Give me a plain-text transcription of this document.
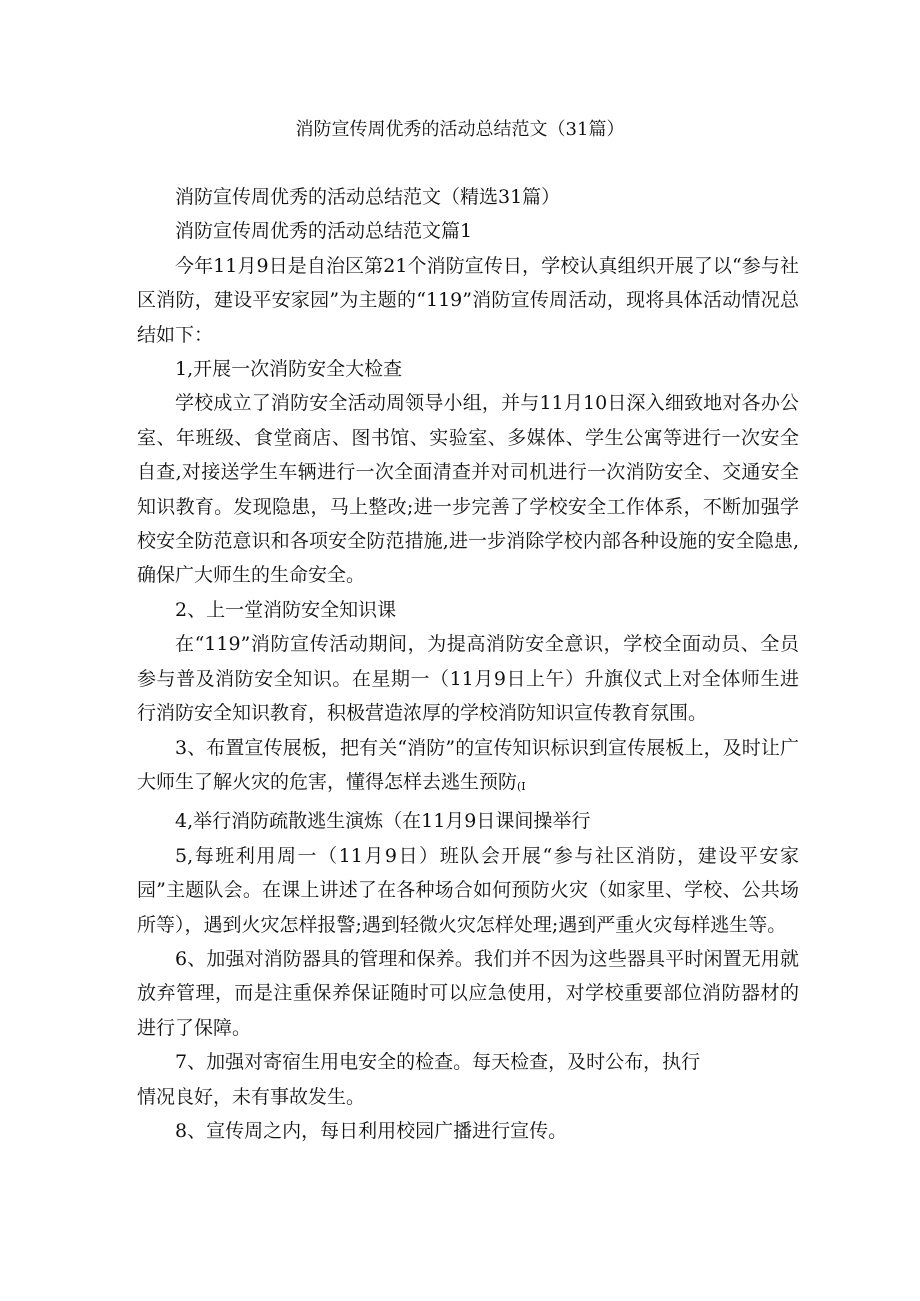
消防宣传周优秀的活动总结范文（31篇）

消防宣传周优秀的活动总结范文（精选31篇）

消防宣传周优秀的活动总结范文篇1

今年11月9日是自治区第21个消防宣传日，学校认真组织开展了以“参与社区消防，建设平安家园”为主题的“119”消防宣传周活动，现将具体活动情况总结如下：

1,开展一次消防安全大检查

学校成立了消防安全活动周领导小组，并与11月10日深入细致地对各办公室、年班级、食堂商店、图书馆、实验室、多媒体、学生公寓等进行一次安全自查,对接送学生车辆进行一次全面清查并对司机进行一次消防安全、交通安全知识教育。发现隐患，马上整改;进一步完善了学校安全工作体系，不断加强学校安全防范意识和各项安全防范措施,进一步消除学校内部各种设施的安全隐患,确保广大师生的生命安全。

2、上一堂消防安全知识课

在“119”消防宣传活动期间，为提高消防安全意识，学校全面动员、全员参与普及消防安全知识。在星期一（11月9日上午）升旗仪式上对全体师生进行消防安全知识教育，积极营造浓厚的学校消防知识宣传教育氛围。

3、布置宣传展板，把有关“消防”的宣传知识标识到宣传展板上，及时让广大师生了解火灾的危害，懂得怎样去逃生预防(I

4,举行消防疏散逃生演炼（在11月9日课间操举行

5,每班利用周一（11月9日）班队会开展“参与社区消防，建设平安家园”主题队会。在课上讲述了在各种场合如何预防火灾（如家里、学校、公共场所等），遇到火灾怎样报警;遇到轻微火灾怎样处理;遇到严重火灾每样逃生等。

6、加强对消防器具的管理和保养。我们并不因为这些器具平时闲置无用就放弃管理，而是注重保养保证随时可以应急使用，对学校重要部位消防器材的进行了保障。

7、加强对寄宿生用电安全的检查。每天检查，及时公布，执行

情况良好，未有事故发生。

8、宣传周之内，每日利用校园广播进行宣传。
